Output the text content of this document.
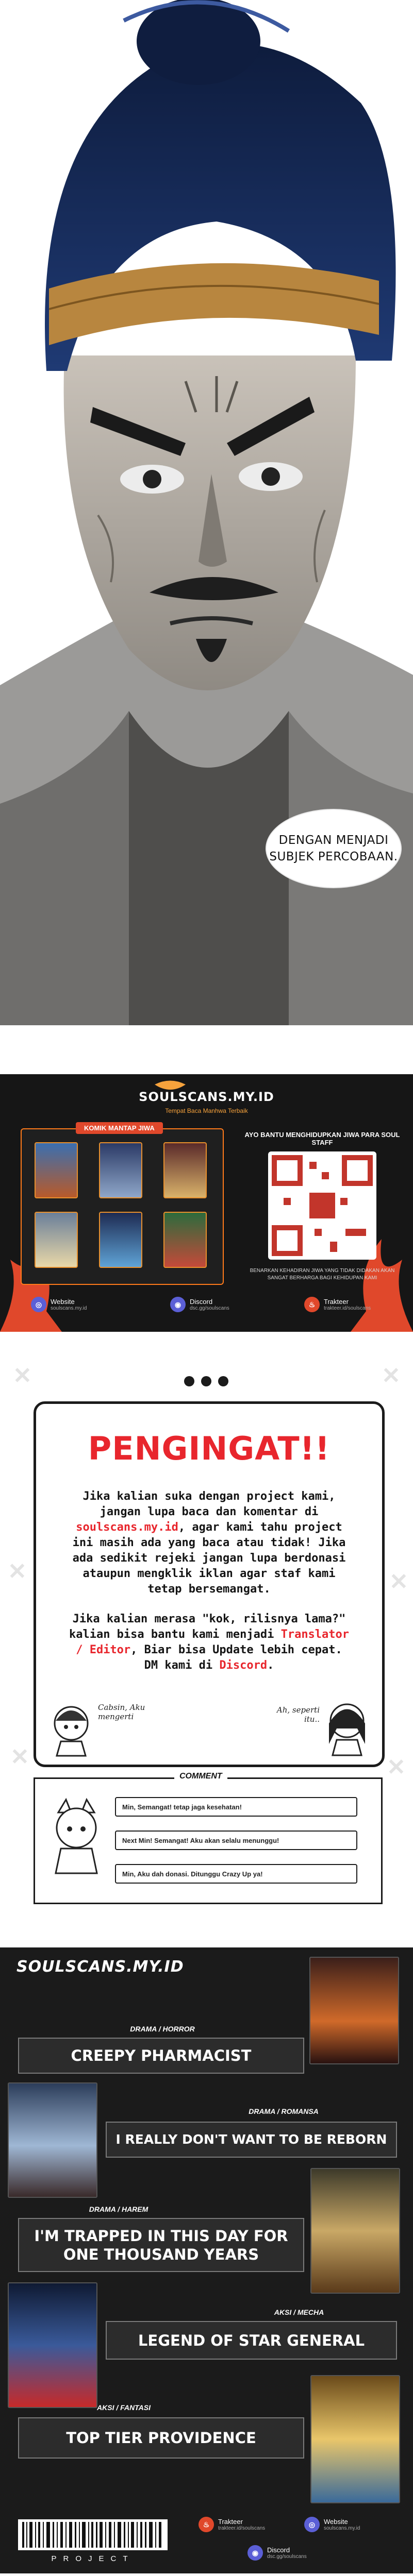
DENGAN MENJADI
SUBJEK PERCOBAAN.
SOULSCANS.MY.ID
Tempat Baca Manhwa Terbaik
KOMIK MANTAP JIWA
AYO BANTU MENGHIDUPKAN JIWA PARA SOUL STAFF
BENARKAN KEHADIRAN JIWA YANG TIDAK DIDAKAN AKAN SANGAT BERHARGA BAGI KEHIDUPAN KAMI
◎	Website
soulscans.my.id	◉	Discord
dsc.gg/soulscans	♨	Trakteer
trakteer.id/soulscans
✕	✕
✕	✕
✕	✕
PENGINGAT!!

Jika kalian suka dengan project kami, jangan lupa baca dan komentar di soulscans.my.id, agar kami tahu project ini masih ada yang baca atau tidak! Jika ada sedikit rejeki jangan lupa berdonasi ataupun mengklik iklan agar staf kami tetap bersemangat.

Jika kalian merasa "kok, rilisnya lama?" kalian bisa bantu kami menjadi Translator / Editor, Biar bisa Update lebih cepat. DM kami di Discord.

Cabsin, Aku mengerti
Ah, seperti itu..
COMMENT
Min, Semangat! tetap jaga kesehatan!
Next Min! Semangat! Aku akan selalu menunggu!
Min, Aku dah donasi. Ditunggu Crazy Up ya!
SOULSCANS.MY.ID
DRAMA / HORROR
CREEPY PHARMACIST
DRAMA / ROMANSA
I REALLY DON'T WANT TO BE REBORN
DRAMA / HAREM
I'M TRAPPED IN THIS DAY FOR
ONE THOUSAND YEARS
AKSI / MECHA
LEGEND OF STAR GENERAL
AKSI / FANTASI
TOP TIER PROVIDENCE
PROJECT
♨	Trakteer
trakteer.id/soulscans	◎	Website
soulscans.my.id
◉	Discord
dsc.gg/soulscans
